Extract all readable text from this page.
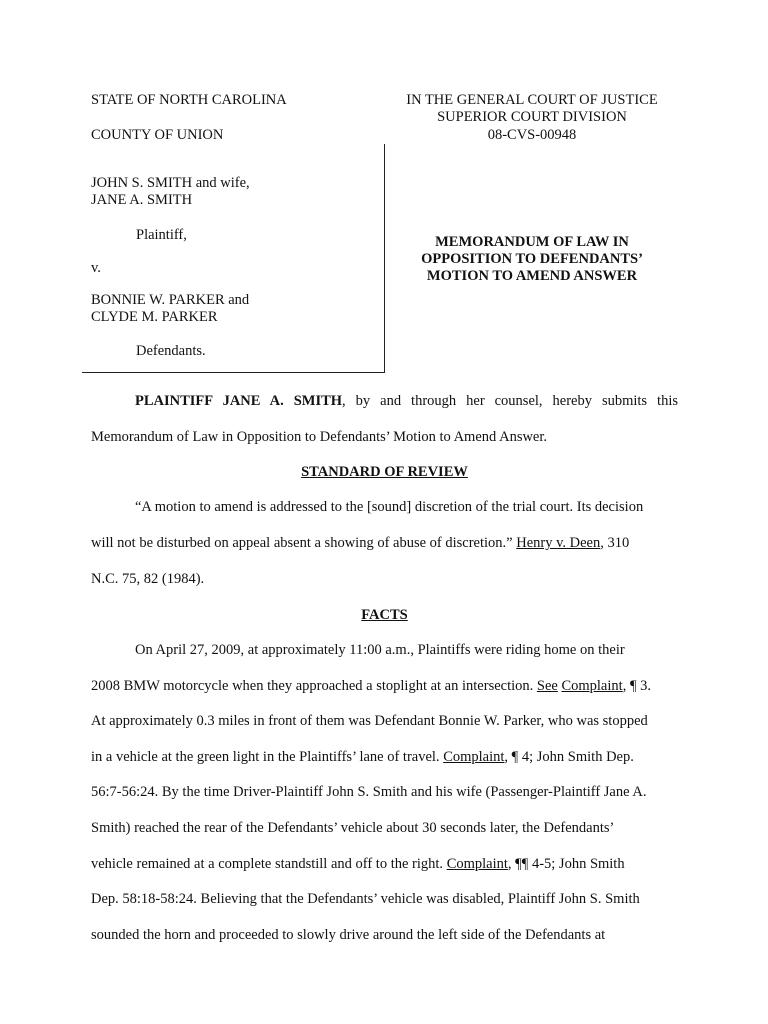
STATE OF NORTH CAROLINA
COUNTY OF UNION
IN THE GENERAL COURT OF JUSTICE
SUPERIOR COURT DIVISION
08-CVS-00948
JOHN S. SMITH and wife,
JANE A. SMITH
Plaintiff,
v.
BONNIE W. PARKER and
CLYDE M. PARKER
Defendants.
MEMORANDUM OF LAW IN
OPPOSITION TO DEFENDANTS’
MOTION TO AMEND ANSWER
PLAINTIFF JANE A. SMITH, by and through her counsel, hereby submits this
Memorandum of Law in Opposition to Defendants’ Motion to Amend Answer.
STANDARD OF REVIEW
“A motion to amend is addressed to the [sound] discretion of the trial court. Its decision
will not be disturbed on appeal absent a showing of abuse of discretion.” Henry v. Deen, 310
N.C. 75, 82 (1984).
FACTS
On April 27, 2009, at approximately 11:00 a.m., Plaintiffs were riding home on their
2008 BMW motorcycle when they approached a stoplight at an intersection. See Complaint, ¶ 3.
At approximately 0.3 miles in front of them was Defendant Bonnie W. Parker, who was stopped
in a vehicle at the green light in the Plaintiffs’ lane of travel. Complaint, ¶ 4; John Smith Dep.
56:7-56:24. By the time Driver-Plaintiff John S. Smith and his wife (Passenger-Plaintiff Jane A.
Smith) reached the rear of the Defendants’ vehicle about 30 seconds later, the Defendants’
vehicle remained at a complete standstill and off to the right. Complaint, ¶¶ 4-5; John Smith
Dep. 58:18-58:24. Believing that the Defendants’ vehicle was disabled, Plaintiff John S. Smith
sounded the horn and proceeded to slowly drive around the left side of the Defendants at
